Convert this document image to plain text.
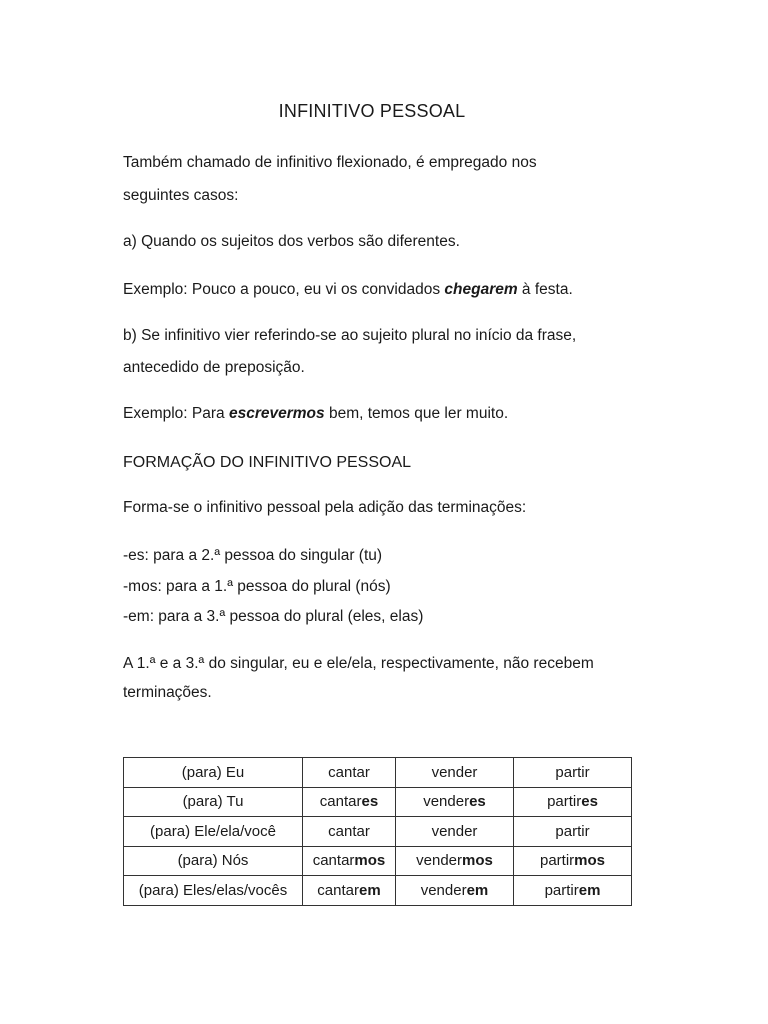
INFINITIVO PESSOAL
Também chamado de infinitivo flexionado, é empregado nos
seguintes casos:
a) Quando os sujeitos dos verbos são diferentes.
Exemplo: Pouco a pouco, eu vi os convidados chegarem à festa.
b) Se infinitivo vier referindo-se ao sujeito plural no início da frase,
antecedido de preposição.
Exemplo: Para escrevermos bem, temos que ler muito.
FORMAÇÃO DO INFINITIVO PESSOAL
Forma-se o infinitivo pessoal pela adição das terminações:
-es: para a 2.ª pessoa do singular (tu)
-mos: para a 1.ª pessoa do plural (nós)
-em: para a 3.ª pessoa do plural (eles, elas)
A 1.ª e a 3.ª do singular, eu e ele/ela, respectivamente, não recebem
terminações.
(para) Eu	cantar	vender	partir
(para) Tu	cantares	venderes	partires
(para) Ele/ela/você	cantar	vender	partir
(para) Nós	cantarmos	vendermos	partirmos
(para) Eles/elas/vocês	cantarem	venderem	partirem
